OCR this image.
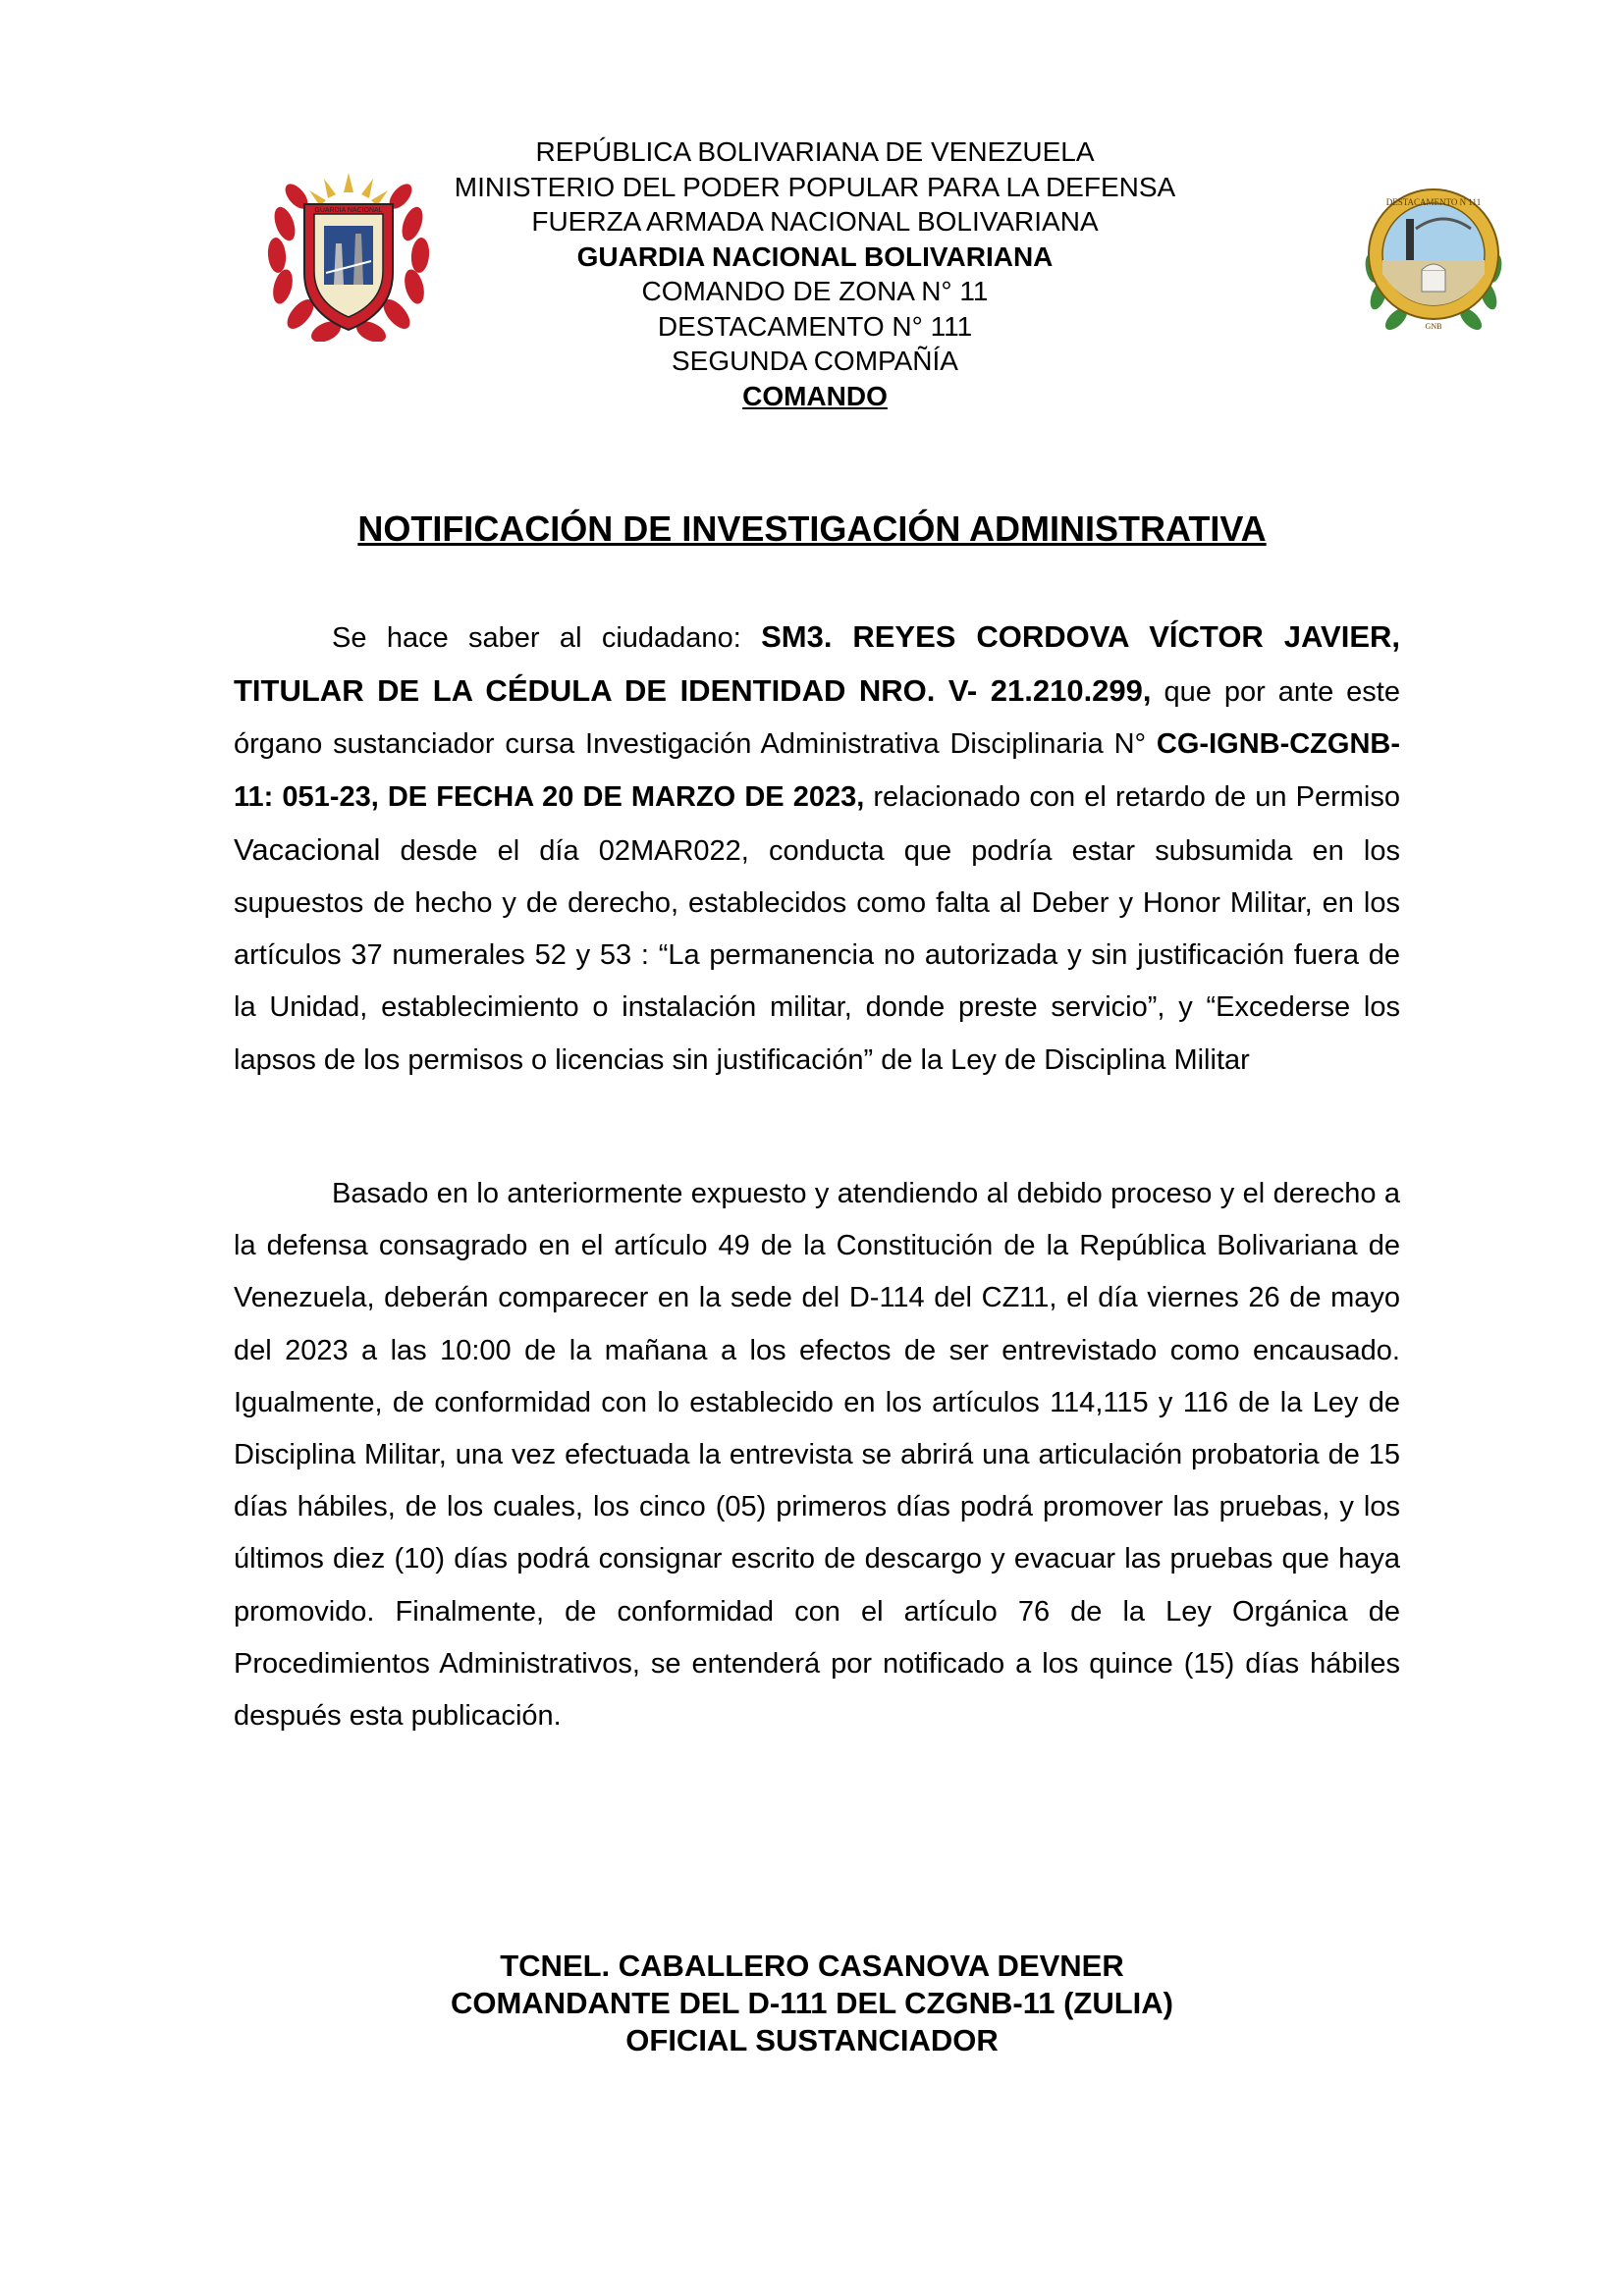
GUARDIA NACIONAL
DESTACAMENTO N 111
GNB
REPÚBLICA BOLIVARIANA DE VENEZUELA
MINISTERIO DEL PODER POPULAR PARA LA DEFENSA
FUERZA ARMADA NACIONAL BOLIVARIANA
GUARDIA NACIONAL BOLIVARIANA
COMANDO DE ZONA N° 11
DESTACAMENTO N° 111
SEGUNDA COMPAÑÍA
COMANDO
NOTIFICACIÓN DE INVESTIGACIÓN ADMINISTRATIVA
Se hace saber al ciudadano: SM3. REYES CORDOVA VÍCTOR JAVIER, TITULAR DE LA CÉDULA DE IDENTIDAD NRO. V- 21.210.299, que por ante este órgano sustanciador cursa Investigación Administrativa Disciplinaria N° CG-IGNB-CZGNB-11: 051-23, DE FECHA 20 DE MARZO DE 2023, relacionado con el retardo de un Permiso Vacacional desde el día 02MAR022, conducta que podría estar subsumida en los supuestos de hecho y de derecho, establecidos como falta al Deber y Honor Militar, en los artículos 37 numerales 52 y 53 : “La permanencia no autorizada y sin justificación fuera de la Unidad, establecimiento o instalación militar, donde preste servicio”, y “Excederse los lapsos de los permisos o licencias sin justificación” de la Ley de Disciplina Militar
Basado en lo anteriormente expuesto y atendiendo al debido proceso y el derecho a la defensa consagrado en el artículo 49 de la Constitución de la República Bolivariana de Venezuela, deberán comparecer en la sede del D-114 del CZ11, el día viernes 26 de mayo del 2023 a las 10:00 de la mañana a los efectos de ser entrevistado como encausado. Igualmente, de conformidad con lo establecido en los artículos 114,115 y 116 de la Ley de Disciplina Militar, una vez efectuada la entrevista se abrirá una articulación probatoria de 15 días hábiles, de los cuales, los cinco (05) primeros días podrá promover las pruebas, y los últimos diez (10) días podrá consignar escrito de descargo y evacuar las pruebas que haya promovido. Finalmente, de conformidad con el artículo 76 de la Ley Orgánica de Procedimientos Administrativos, se entenderá por notificado a los quince (15) días hábiles después esta publicación.
TCNEL. CABALLERO CASANOVA DEVNER
COMANDANTE DEL D-111 DEL CZGNB-11 (ZULIA)
OFICIAL SUSTANCIADOR
